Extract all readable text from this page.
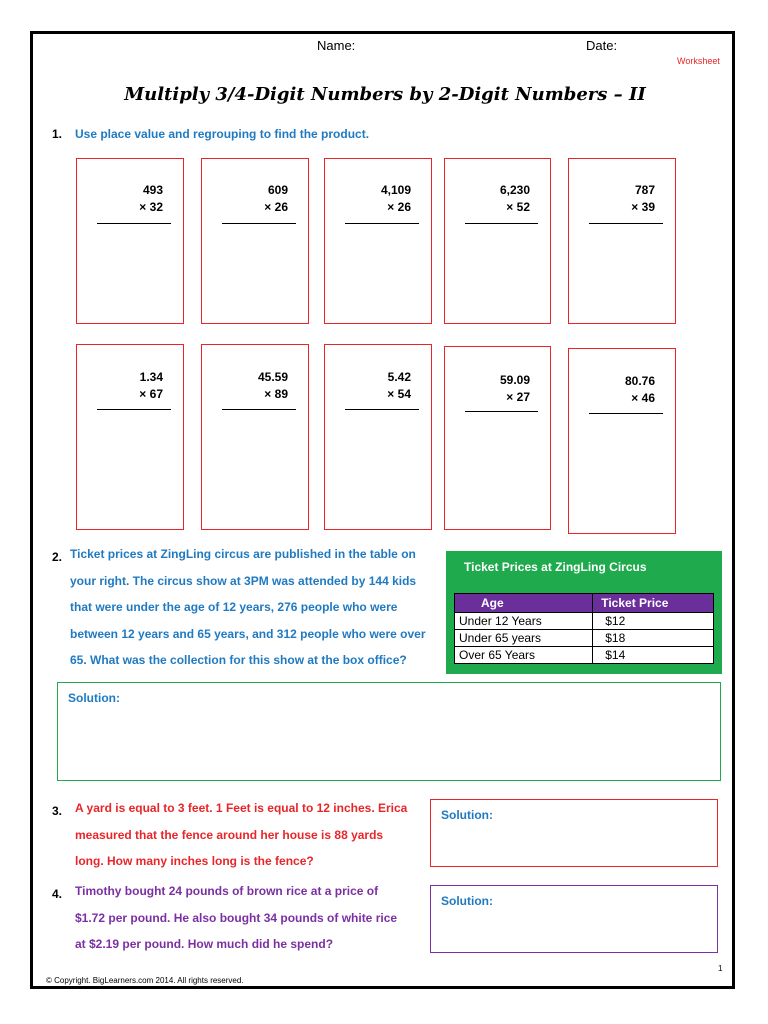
Name:	Date:
Worksheet
Multiply 3/4-Digit Numbers by 2-Digit Numbers – II
1. Use place value and regrouping to find the product.
493
× 32
609
× 26
4,109
× 26
6,230
× 52
787
× 39
1.34
× 67
45.59
× 89
5.42
× 54
59.09
× 27
80.76
× 46
2. Ticket prices at ZingLing circus are published in the table on
your right. The circus show at 3PM was attended by 144 kids
that were under the age of 12 years, 276 people who were
between 12 years and 65 years, and 312 people who were over
65. What was the collection for this show at the box office?
Ticket Prices at ZingLing Circus
Age	Ticket Price
Under 12 Years	$12
Under 65 years	$18
Over 65 Years	$14
Solution:
3. A yard is equal to 3 feet. 1 Feet is equal to 12 inches. Erica
measured that the fence around her house is 88 yards
long. How many inches long is the fence?
Solution:
4. Timothy bought 24 pounds of brown rice at a price of
$1.72 per pound. He also bought 34 pounds of white rice
at $2.19 per pound. How much did he spend?
Solution:
1
© Copyright. BigLearners.com 2014. All rights reserved.
